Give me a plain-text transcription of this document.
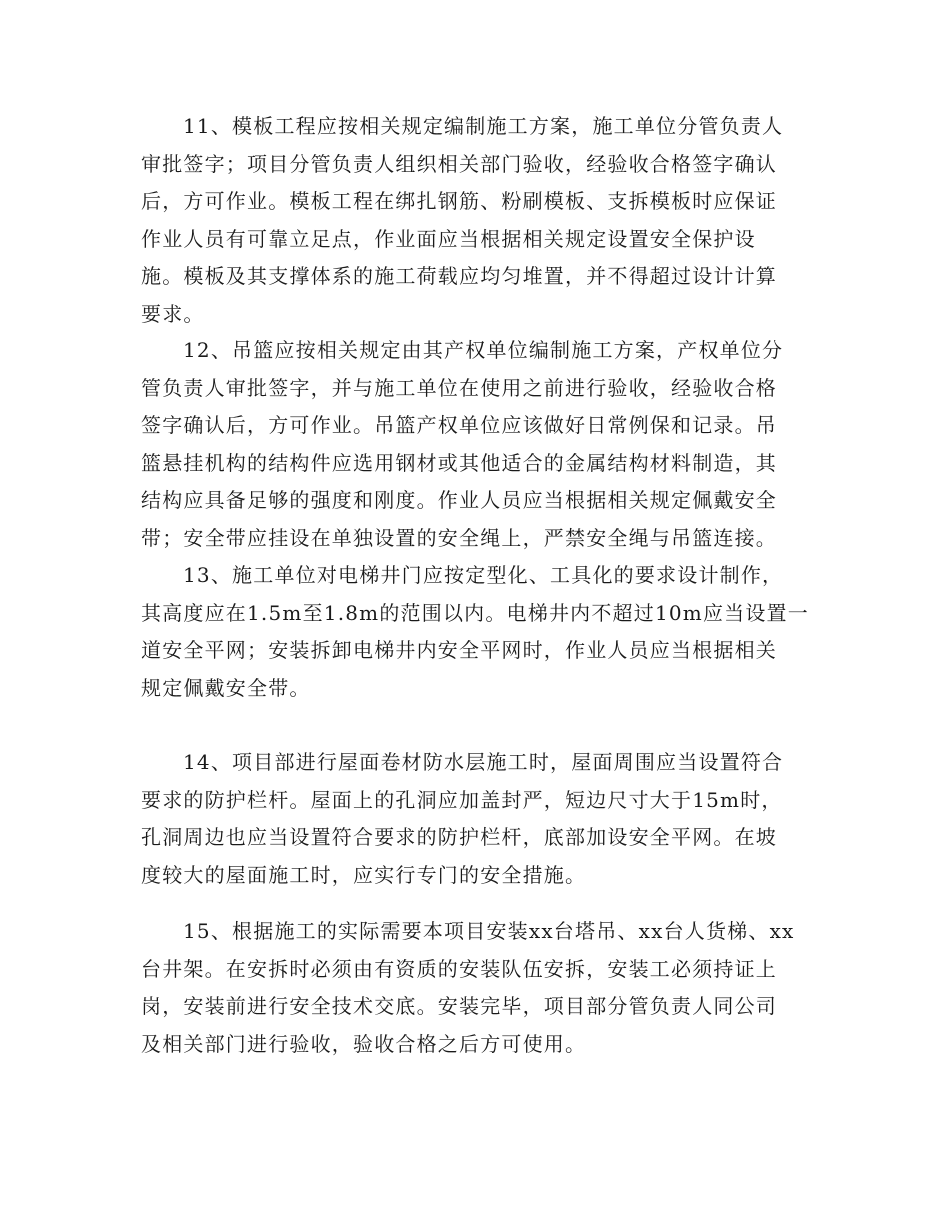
11、模板工程应按相关规定编制施工方案，施工单位分管负责人
审批签字；项目分管负责人组织相关部门验收，经验收合格签字确认
后，方可作业。模板工程在绑扎钢筋、粉刷模板、支拆模板时应保证
作业人员有可靠立足点，作业面应当根据相关规定设置安全保护设
施。模板及其支撑体系的施工荷载应均匀堆置，并不得超过设计计算
要求。
12、吊篮应按相关规定由其产权单位编制施工方案，产权单位分
管负责人审批签字，并与施工单位在使用之前进行验收，经验收合格
签字确认后，方可作业。吊篮产权单位应该做好日常例保和记录。吊
篮悬挂机构的结构件应选用钢材或其他适合的金属结构材料制造，其
结构应具备足够的强度和刚度。作业人员应当根据相关规定佩戴安全
带；安全带应挂设在单独设置的安全绳上，严禁安全绳与吊篮连接。
13、施工单位对电梯井门应按定型化、工具化的要求设计制作，
其高度应在1.5m至1.8m的范围以内。电梯井内不超过10m应当设置一
道安全平网；安装拆卸电梯井内安全平网时，作业人员应当根据相关
规定佩戴安全带。
14、项目部进行屋面卷材防水层施工时，屋面周围应当设置符合
要求的防护栏杆。屋面上的孔洞应加盖封严，短边尺寸大于15m时，
孔洞周边也应当设置符合要求的防护栏杆，底部加设安全平网。在坡
度较大的屋面施工时，应实行专门的安全措施。
15、根据施工的实际需要本项目安装xx台塔吊、xx台人货梯、xx
台井架。在安拆时必须由有资质的安装队伍安拆，安装工必须持证上
岗，安装前进行安全技术交底。安装完毕，项目部分管负责人同公司
及相关部门进行验收，验收合格之后方可使用。
